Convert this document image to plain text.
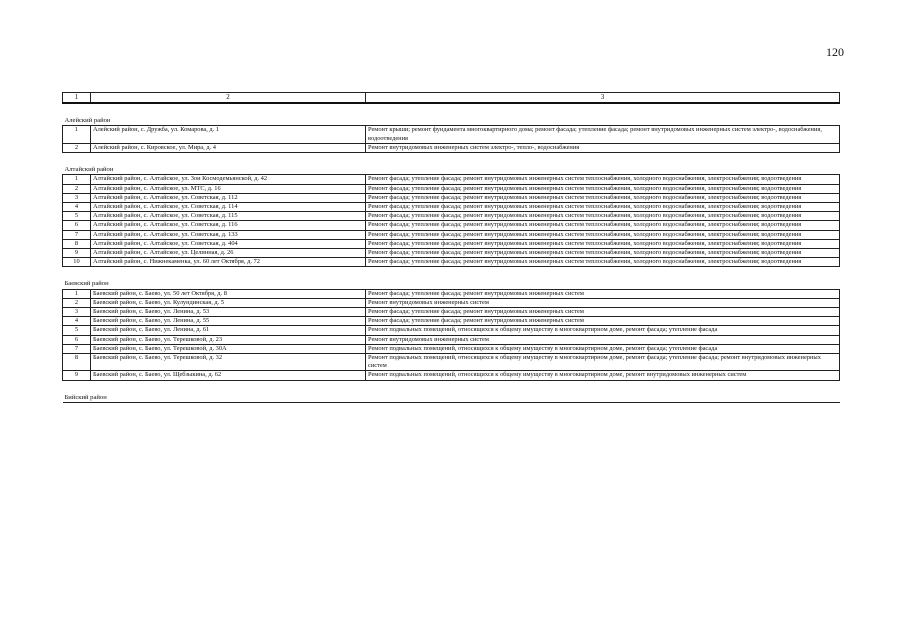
120
1	2	3
Алейский район		
1	Алейский район, с. Дружба, ул. Комарова, д. 1	Ремонт крыши; ремонт фундамента многоквартирного дома; ремонт фасада; утепление фасада; ремонт внутридомовых инженерных систем электро-, водоснабжения, водоотведения
2	Алейский район, с. Кировское, ул. Мира, д. 4	Ремонт внутридомовых инженерных систем электро-, тепло-, водоснабжения
Алтайский район		
1	Алтайский район, с. Алтайское, ул. Зои Космодемьянской, д. 42	Ремонт фасада; утепление фасада; ремонт внутридомовых инженерных систем теплоснабжения, холодного водоснабжения, электроснабжения; водоотведения
2	Алтайский район, с. Алтайское, ул. МТС, д. 16	Ремонт фасада; утепление фасада; ремонт внутридомовых инженерных систем теплоснабжения, холодного водоснабжения, электроснабжения; водоотведения
3	Алтайский район, с. Алтайское, ул. Советская, д. 112	Ремонт фасада; утепление фасада; ремонт внутридомовых инженерных систем теплоснабжения, холодного водоснабжения, электроснабжения; водоотведения
4	Алтайский район, с. Алтайское, ул. Советская, д. 114	Ремонт фасада; утепление фасада; ремонт внутридомовых инженерных систем теплоснабжения, холодного водоснабжения, электроснабжения; водоотведения
5	Алтайский район, с. Алтайское, ул. Советская, д. 115	Ремонт фасада; утепление фасада; ремонт внутридомовых инженерных систем теплоснабжения, холодного водоснабжения, электроснабжения; водоотведения
6	Алтайский район, с. Алтайское, ул. Советская, д. 116	Ремонт фасада; утепление фасада; ремонт внутридомовых инженерных систем теплоснабжения, холодного водоснабжения, электроснабжения; водоотведения
7	Алтайский район, с. Алтайское, ул. Советская, д. 133	Ремонт фасада; утепление фасада; ремонт внутридомовых инженерных систем теплоснабжения, холодного водоснабжения, электроснабжения; водоотведения
8	Алтайский район, с. Алтайское, ул. Советская, д. 404	Ремонт фасада; утепление фасада; ремонт внутридомовых инженерных систем теплоснабжения, холодного водоснабжения, электроснабжения; водоотведения
9	Алтайский район, с. Алтайское, ул. Целинная, д. 26	Ремонт фасада; утепление фасада; ремонт внутридомовых инженерных систем теплоснабжения, холодного водоснабжения, электроснабжения; водоотведения
10	Алтайский район, с. Нижнекаменка, ул. 60 лет Октября, д. 72	Ремонт фасада; утепление фасада; ремонт внутридомовых инженерных систем теплоснабжения, холодного водоснабжения, электроснабжения; водоотведения
Баевский район		
1	Баевский район, с. Баево, ул. 50 лет Октября, д. 8	Ремонт фасада; утепление фасада; ремонт внутридомовых инженерных систем
2	Баевский район, с. Баево, ул. Кулундинская, д. 5	Ремонт внутридомовых инженерных систем
3	Баевский район, с. Баево, ул. Ленина, д. 53	Ремонт фасада; утепление фасада; ремонт внутридомовых инженерных систем
4	Баевский район, с. Баево, ул. Ленина, д. 55	Ремонт фасада; утепление фасада; ремонт внутридомовых инженерных систем
5	Баевский район, с. Баево, ул. Ленина, д. 61	Ремонт подвальных помещений, относящихся к общему имуществу в многоквартирном доме, ремонт фасада; утепление фасада
6	Баевский район, с. Баево, ул. Терешковой, д. 23	Ремонт внутридомовых инженерных систем
7	Баевский район, с. Баево, ул. Терешковой, д. 30А	Ремонт подвальных помещений, относящихся к общему имуществу в многоквартирном доме, ремонт фасада; утепление фасада
8	Баевский район, с. Баево, ул. Терешковой, д. 32	Ремонт подвальных помещений, относящихся к общему имуществу в многоквартирном доме, ремонт фасада; утепление фасада; ремонт внутридомовых инженерных систем
9	Баевский район, с. Баево, ул. Щебзыкина, д. 62	Ремонт подвальных помещений, относящихся к общему имуществу в многоквартирном доме, ремонт внутридомовых инженерных систем
Бийский район		
